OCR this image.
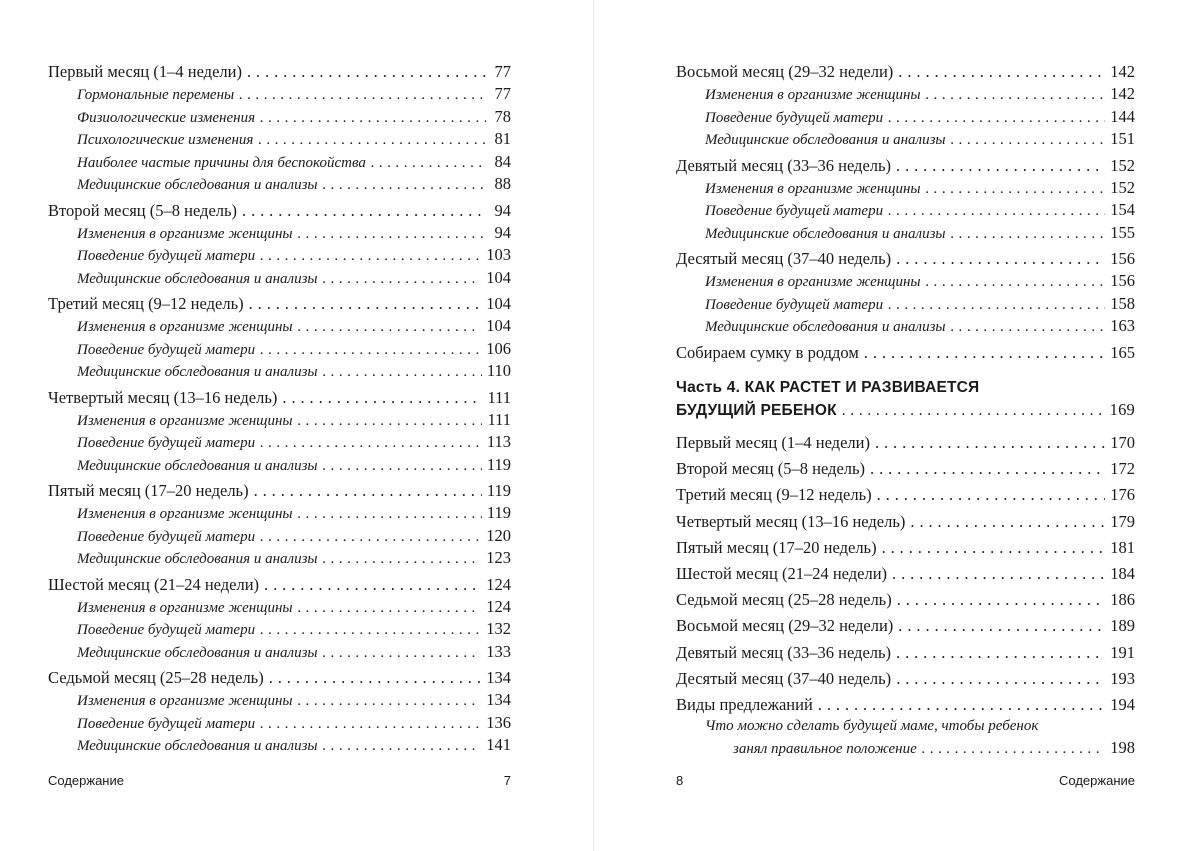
Первый месяц (1–4 недели) . . .	77
Гормональные перемены . . .	77
Физиологические изменения . . .	78
Психологические изменения . . .	81
Наиболее частые причины для беспокойства . . .	84
Медицинские обследования и анализы . . .	88
Второй месяц (5–8 недель) . . .	94
Изменения в организме женщины . . .	94
Поведение будущей матери . . .	103
Медицинские обследования и анализы . . .	104
Третий месяц (9–12 недель) . . .	104
Изменения в организме женщины . . .	104
Поведение будущей матери . . .	106
Медицинские обследования и анализы . . .	110
Четвертый месяц (13–16 недель) . . .	111
Изменения в организме женщины . . .	111
Поведение будущей матери . . .	113
Медицинские обследования и анализы . . .	119
Пятый месяц (17–20 недель) . . .	119
Изменения в организме женщины . . .	119
Поведение будущей матери . . .	120
Медицинские обследования и анализы . . .	123
Шестой месяц (21–24 недели) . . .	124
Изменения в организме женщины . . .	124
Поведение будущей матери . . .	132
Медицинские обследования и анализы . . .	133
Седьмой месяц (25–28 недель) . . .	134
Изменения в организме женщины . . .	134
Поведение будущей матери . . .	136
Медицинские обследования и анализы . . .	141
Содержание	7
Восьмой месяц (29–32 недели) . . .	142
Изменения в организме женщины . . .	142
Поведение будущей матери . . .	144
Медицинские обследования и анализы . . .	151
Девятый месяц (33–36 недель) . . .	152
Изменения в организме женщины . . .	152
Поведение будущей матери . . .	154
Медицинские обследования и анализы . . .	155
Десятый месяц (37–40 недель) . . .	156
Изменения в организме женщины . . .	156
Поведение будущей матери . . .	158
Медицинские обследования и анализы . . .	163
Собираем сумку в роддом . . .	165
Часть 4. КАК РАСТЕТ И РАЗВИВАЕТСЯ
БУДУЩИЙ РЕБЕНОК . . .	169
Первый месяц (1–4 недели) . . .	170
Второй месяц (5–8 недель) . . .	172
Третий месяц (9–12 недель) . . .	176
Четвертый месяц (13–16 недель) . . .	179
Пятый месяц (17–20 недель) . . .	181
Шестой месяц (21–24 недели) . . .	184
Седьмой месяц (25–28 недель) . . .	186
Восьмой месяц (29–32 недели) . . .	189
Девятый месяц (33–36 недель) . . .	191
Десятый месяц (37–40 недель) . . .	193
Виды предлежаний . . .	194
Что можно сделать будущей маме, чтобы ребенок
занял правильное положение . . .	198
8	Содержание
